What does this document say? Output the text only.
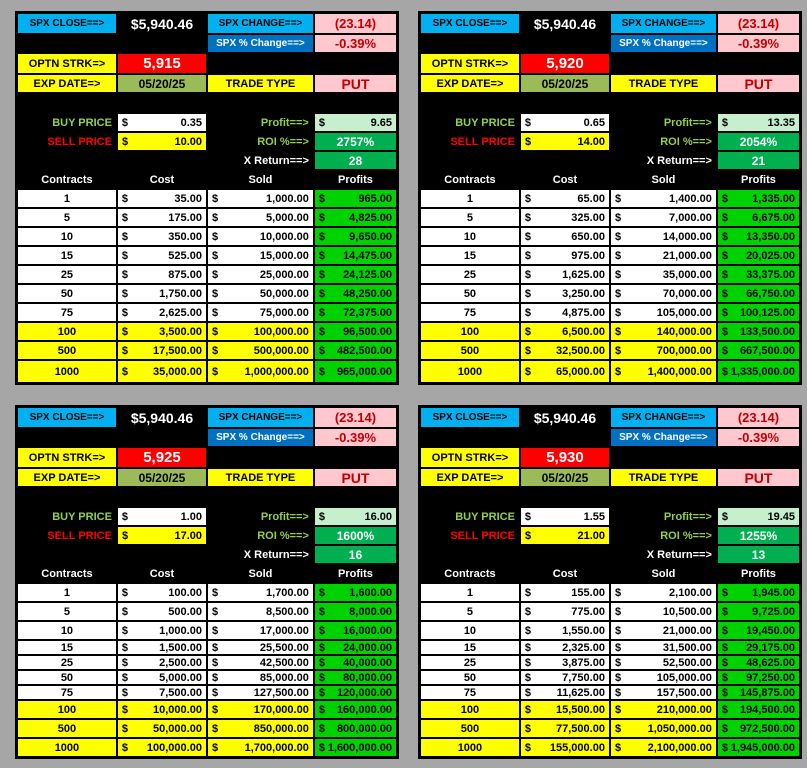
SPX CLOSE==>	$5,940.46	SPX CHANGE==>	(23.14)
SPX % Change==>	-0.39%
OPTN STRK=>	5,915
EXP DATE=>	05/20/25	TRADE TYPE	PUT
BUY PRICE $	0.35	Profit==> $	9.65
SELL PRICE $	10.00	ROI %==>	2757%
X Return==>	28
Contracts	Cost	Sold	Profits
1	$	35.00 $	1,000.00 $	965.00
5	$	175.00 $	5,000.00 $ 4,825.00
10	$	350.00 $	10,000.00 $ 9,650.00
15	$	525.00 $	15,000.00 $ 14,475.00
25	$	875.00 $	25,000.00 $ 24,125.00
50	$	1,750.00 $	50,000.00 $ 48,250.00
75	$	2,625.00 $	75,000.00 $ 72,375.00
100	$	3,500.00 $	100,000.00 $ 96,500.00
500	$ 17,500.00 $	500,000.00 $ 482,500.00
1000	$ 35,000.00 $ 1,000,000.00 $ 965,000.00
SPX CLOSE==>	$5,940.46	SPX CHANGE==>	(23.14)
SPX % Change==>	-0.39%
OPTN STRK=>	5,920
EXP DATE=>	05/20/25	TRADE TYPE	PUT
BUY PRICE $	0.65	Profit==> $	13.35
SELL PRICE $	14.00	ROI %==>	2054%
X Return==>	21
Contracts	Cost	Sold	Profits
1	$	65.00 $	1,400.00 $ 1,335.00
5	$	325.00 $	7,000.00 $ 6,675.00
10	$	650.00 $	14,000.00 $ 13,350.00
15	$	975.00 $	21,000.00 $ 20,025.00
25	$	1,625.00 $	35,000.00 $ 33,375.00
50	$	3,250.00 $	70,000.00 $ 66,750.00
75	$	4,875.00 $	105,000.00 $ 100,125.00
100	$	6,500.00 $	140,000.00 $ 133,500.00
500	$ 32,500.00 $	700,000.00 $ 667,500.00
1000	$ 65,000.00 $ 1,400,000.00 $ 1,335,000.00
SPX CLOSE==>	$5,940.46	SPX CHANGE==>	(23.14)
SPX % Change==>	-0.39%
OPTN STRK=>	5,925
EXP DATE=>	05/20/25	TRADE TYPE	PUT
BUY PRICE $	1.00	Profit==> $	16.00
SELL PRICE $	17.00	ROI %==>	1600%
X Return==>	16
Contracts	Cost	Sold	Profits
1	$	100.00 $	1,700.00 $ 1,600.00
5	$	500.00 $	8,500.00 $ 8,000.00
10	$	1,000.00 $	17,000.00 $ 16,000.00
15	$	1,500.00 $	25,500.00 $ 24,000.00
25	$	2,500.00 $	42,500.00 $ 40,000.00
50	$	5,000.00 $	85,000.00 $ 80,000.00
75	$	7,500.00 $	127,500.00 $ 120,000.00
100	$ 10,000.00 $	170,000.00 $ 160,000.00
500	$ 50,000.00 $	850,000.00 $ 800,000.00
1000	$ 100,000.00 $ 1,700,000.00 $ 1,600,000.00
SPX CLOSE==>	$5,940.46	SPX CHANGE==>	(23.14)
SPX % Change==>	-0.39%
OPTN STRK=>	5,930
EXP DATE=>	05/20/25	TRADE TYPE	PUT
BUY PRICE $	1.55	Profit==> $	19.45
SELL PRICE $	21.00	ROI %==>	1255%
X Return==>	13
Contracts	Cost	Sold	Profits
1	$	155.00 $	2,100.00 $ 1,945.00
5	$	775.00 $	10,500.00 $ 9,725.00
10	$	1,550.00 $	21,000.00 $ 19,450.00
15	$	2,325.00 $	31,500.00 $ 29,175.00
25	$	3,875.00 $	52,500.00 $ 48,625.00
50	$	7,750.00 $	105,000.00 $ 97,250.00
75	$ 11,625.00 $	157,500.00 $ 145,875.00
100	$ 15,500.00 $	210,000.00 $ 194,500.00
500	$ 77,500.00 $ 1,050,000.00 $ 972,500.00
1000	$ 155,000.00 $ 2,100,000.00 $ 1,945,000.00
